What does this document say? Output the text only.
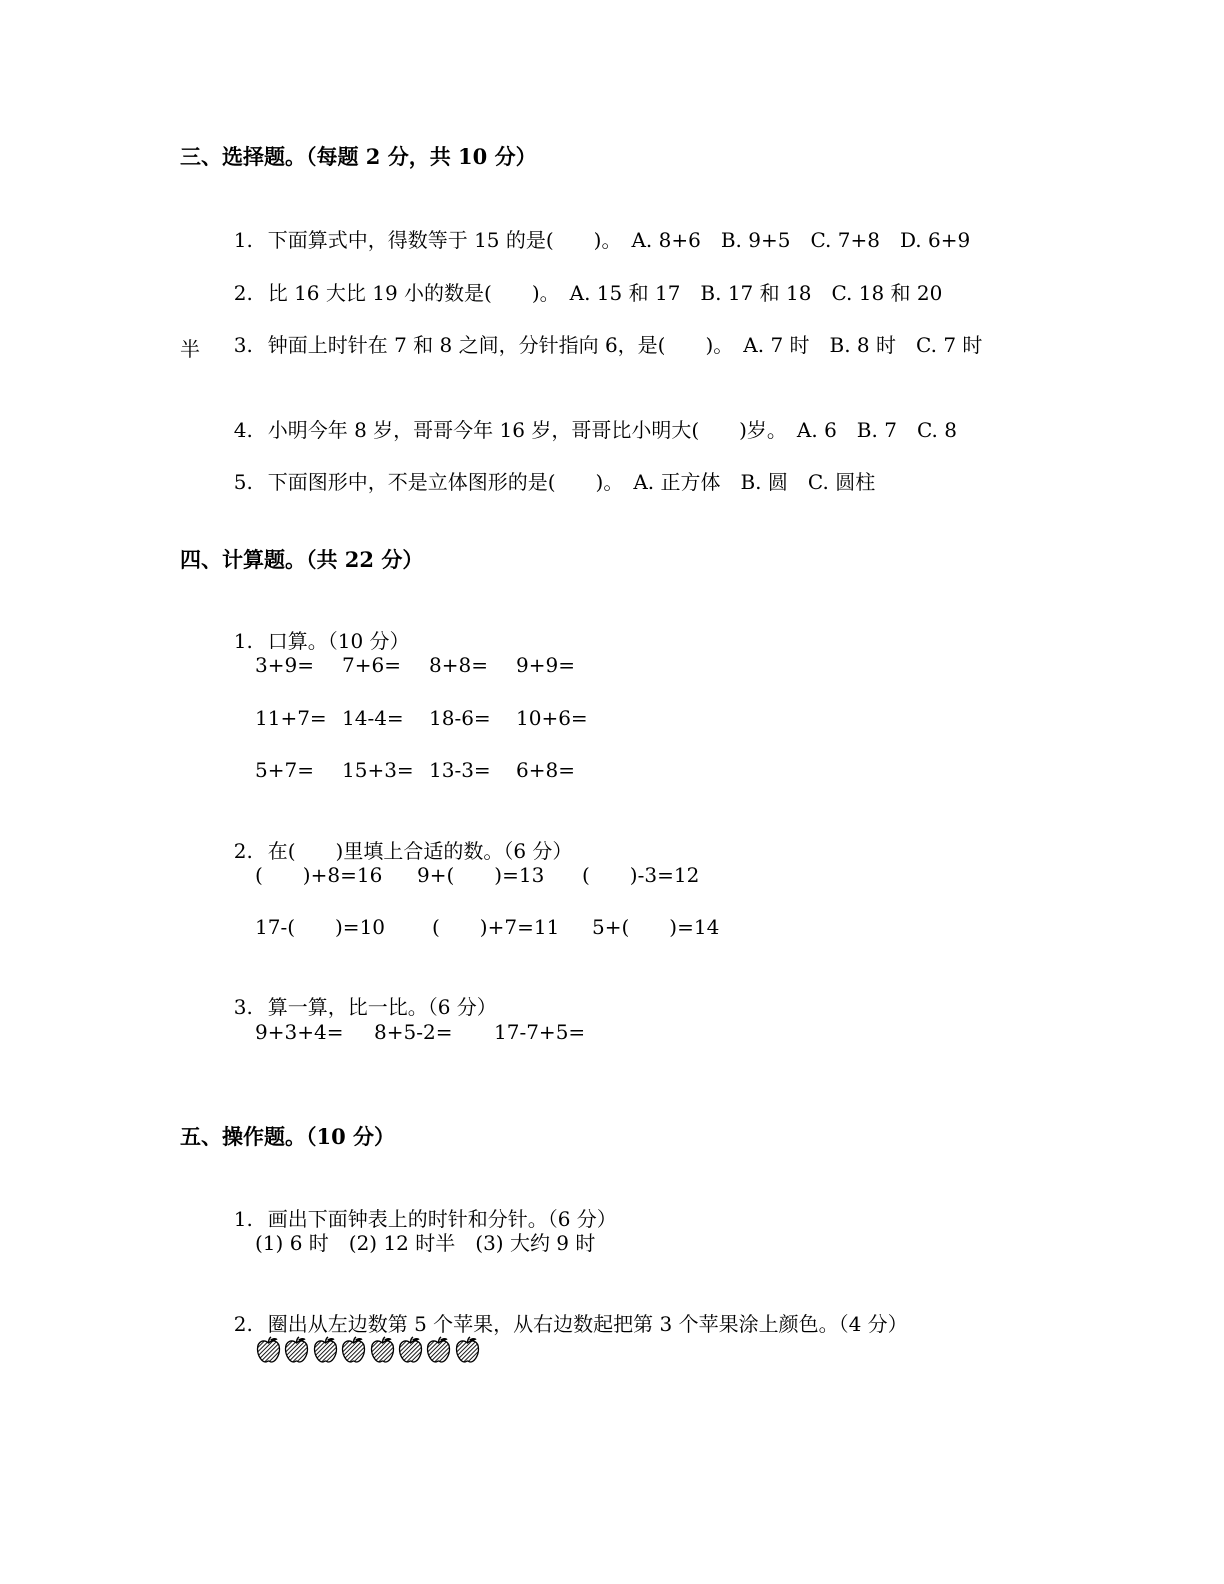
三、选择题。（每题 2 分，共 10 分）

1. 下面算式中，得数等于 15 的是(　　)。　A. 8+6　B. 9+5　C. 7+8　D. 6+9

2. 比 16 大比 19 小的数是(　　)。　A. 15 和 17　B. 17 和 18　C. 18 和 20

3. 钟面上时针在 7 和 8 之间，分针指向 6，是(　　)。　A. 7 时　B. 8 时　C. 7 时

半

4. 小明今年 8 岁，哥哥今年 16 岁，哥哥比小明大(　　)岁。　A. 6　B. 7　C. 8

5. 下面图形中，不是立体图形的是(　　)。　A. 正方体　B. 圆　C. 圆柱

四、计算题。（共 22 分）

1. 口算。（10 分）

3+9=

7+6=

8+8=

9+9=

11+7=

14-4=

18-6=

10+6=

5+7=

15+3=

13-3=

6+8=

2. 在(　　)里填上合适的数。（6 分）

(　　)+8=16

9+(　　)=13

(　　)-3=12

17-(　　)=10

(　　)+7=11

5+(　　)=14

3. 算一算，比一比。（6 分）

9+3+4=

8+5-2=

17-7+5=

五、操作题。（10 分）

1. 画出下面钟表上的时针和分针。（6 分）

(1) 6 时　(2) 12 时半　(3) 大约 9 时

2. 圈出从左边数第 5 个苹果，从右边数起把第 3 个苹果涂上颜色。（4 分）
